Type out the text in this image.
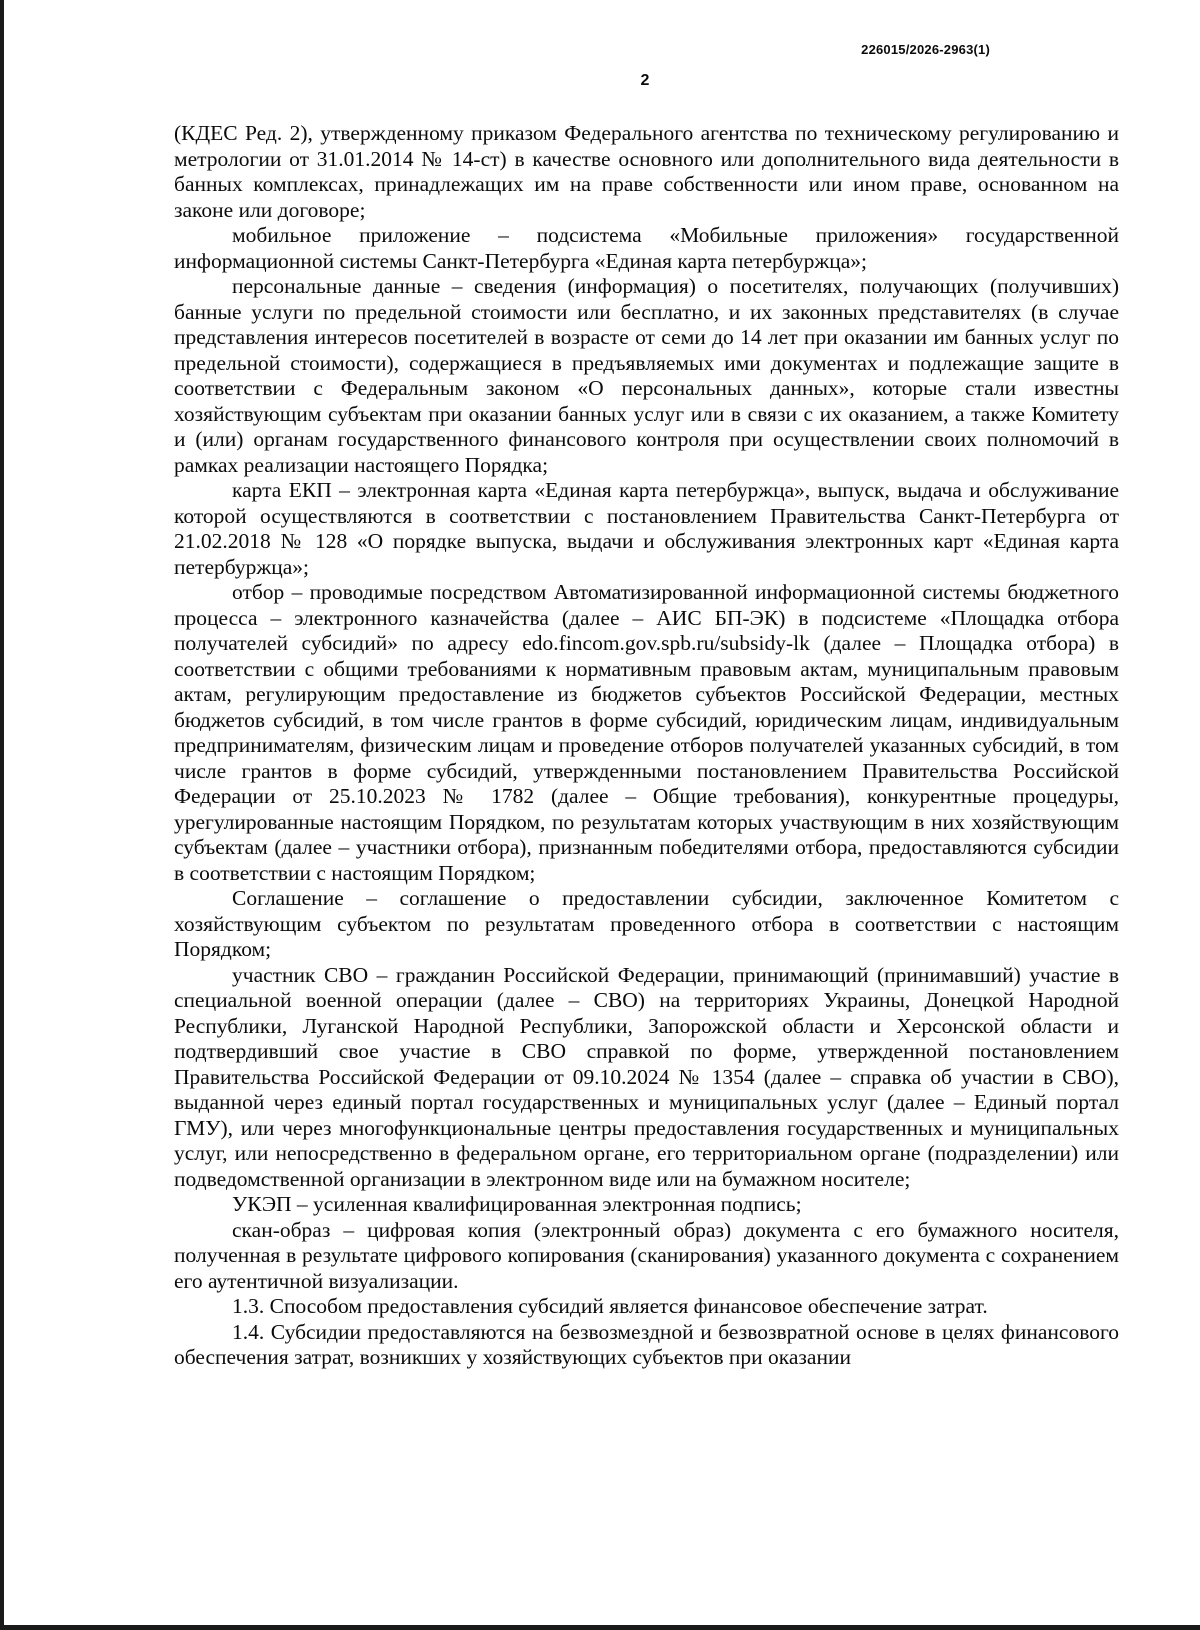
226015/2026-2963(1)
2

(КДЕС Ред. 2), утвержденному приказом Федерального агентства по техническому регулированию и метрологии от 31.01.2014 № 14-ст) в качестве основного или дополнительного вида деятельности в банных комплексах, принадлежащих им на праве собственности или ином праве, основанном на законе или договоре;

мобильное приложение – подсистема «Мобильные приложения» государственной информационной системы Санкт-Петербурга «Единая карта петербуржца»;

персональные данные – сведения (информация) о посетителях, получающих (получивших) банные услуги по предельной стоимости или бесплатно, и их законных представителях (в случае представления интересов посетителей в возрасте от семи до 14 лет при оказании им банных услуг по предельной стоимости), содержащиеся в предъявляемых ими документах и подлежащие защите в соответствии с Федеральным законом «О персональных данных», которые стали известны хозяйствующим субъектам при оказании банных услуг или в связи с их оказанием, а также Комитету и (или) органам государственного финансового контроля при осуществлении своих полномочий в рамках реализации настоящего Порядка;

карта ЕКП – электронная карта «Единая карта петербуржца», выпуск, выдача и обслуживание которой осуществляются в соответствии с постановлением Правительства Санкт-Петербурга от 21.02.2018 № 128 «О порядке выпуска, выдачи и обслуживания электронных карт «Единая карта петербуржца»;

отбор – проводимые посредством Автоматизированной информационной системы бюджетного процесса – электронного казначейства (далее – АИС БП-ЭК) в подсистеме «Площадка отбора получателей субсидий» по адресу edo.fincom.gov.spb.ru/subsidy-lk (далее – Площадка отбора) в соответствии с общими требованиями к нормативным правовым актам, муниципальным правовым актам, регулирующим предоставление из бюджетов субъектов Российской Федерации, местных бюджетов субсидий, в том числе грантов в форме субсидий, юридическим лицам, индивидуальным предпринимателям, физическим лицам и проведение отборов получателей указанных субсидий, в том числе грантов в форме субсидий, утвержденными постановлением Правительства Российской Федерации от 25.10.2023 № 1782 (далее – Общие требования), конкурентные процедуры, урегулированные настоящим Порядком, по результатам которых участвующим в них хозяйствующим субъектам (далее – участники отбора), признанным победителями отбора, предоставляются субсидии в соответствии с настоящим Порядком;

Соглашение – соглашение о предоставлении субсидии, заключенное Комитетом с хозяйствующим субъектом по результатам проведенного отбора в соответствии с настоящим Порядком;

участник СВО – гражданин Российской Федерации, принимающий (принимавший) участие в специальной военной операции (далее – СВО) на территориях Украины, Донецкой Народной Республики, Луганской Народной Республики, Запорожской области и Херсонской области и подтвердивший свое участие в СВО справкой по форме, утвержденной постановлением Правительства Российской Федерации от 09.10.2024 № 1354 (далее – справка об участии в СВО), выданной через единый портал государственных и муниципальных услуг (далее – Единый портал ГМУ), или через многофункциональные центры предоставления государственных и муниципальных услуг, или непосредственно в федеральном органе, его территориальном органе (подразделении) или подведомственной организации в электронном виде или на бумажном носителе;

УКЭП – усиленная квалифицированная электронная подпись;

скан-образ – цифровая копия (электронный образ) документа с его бумажного носителя, полученная в результате цифрового копирования (сканирования) указанного документа с сохранением его аутентичной визуализации.

1.3. Способом предоставления субсидий является финансовое обеспечение затрат.

1.4. Субсидии предоставляются на безвозмездной и безвозвратной основе в целях финансового обеспечения затрат, возникших у хозяйствующих субъектов при оказании
